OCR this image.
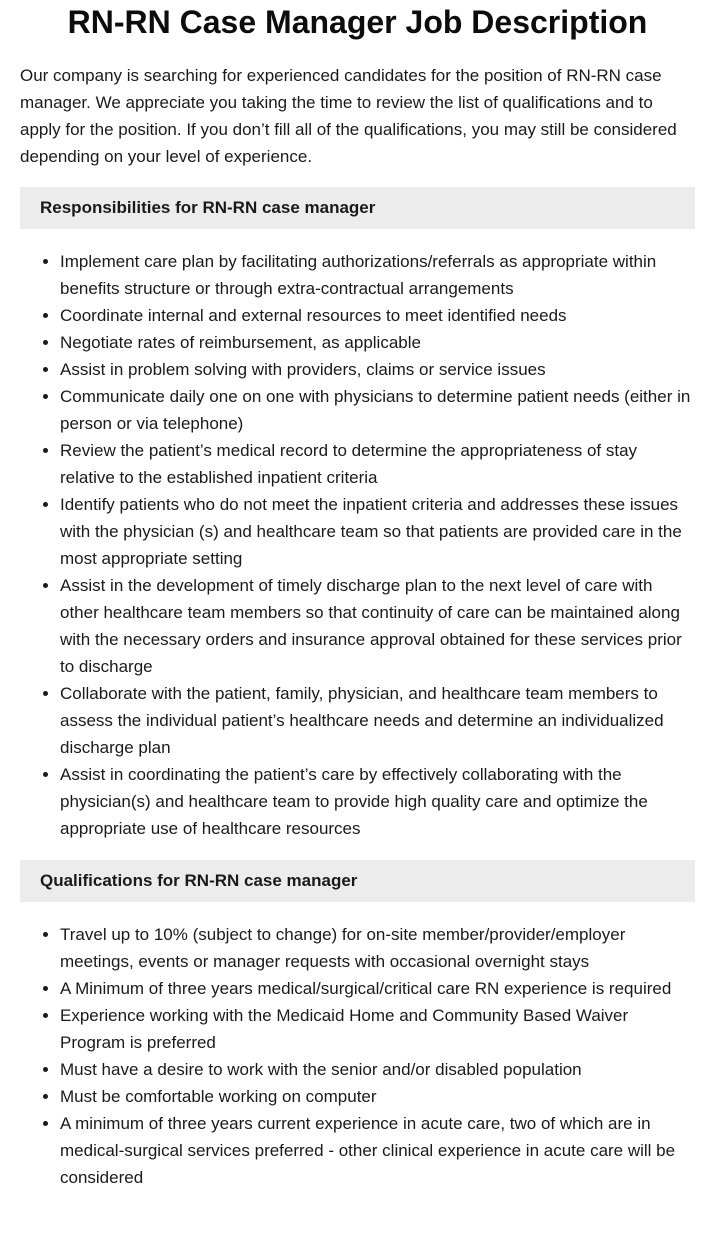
RN-RN Case Manager Job Description

Our company is searching for experienced candidates for the position of RN-RN case manager. We appreciate you taking the time to review the list of qualifications and to apply for the position. If you don’t fill all of the qualifications, you may still be considered depending on your level of experience.

Responsibilities for RN-RN case manager
• Implement care plan by facilitating authorizations/referrals as appropriate within benefits structure or through extra-contractual arrangements
• Coordinate internal and external resources to meet identified needs
• Negotiate rates of reimbursement, as applicable
• Assist in problem solving with providers, claims or service issues
• Communicate daily one on one with physicians to determine patient needs (either in person or via telephone)
• Review the patient’s medical record to determine the appropriateness of stay relative to the established inpatient criteria
• Identify patients who do not meet the inpatient criteria and addresses these issues with the physician (s) and healthcare team so that patients are provided care in the most appropriate setting
• Assist in the development of timely discharge plan to the next level of care with other healthcare team members so that continuity of care can be maintained along with the necessary orders and insurance approval obtained for these services prior to discharge
• Collaborate with the patient, family, physician, and healthcare team members to assess the individual patient’s healthcare needs and determine an individualized discharge plan
• Assist in coordinating the patient’s care by effectively collaborating with the physician(s) and healthcare team to provide high quality care and optimize the appropriate use of healthcare resources
Qualifications for RN-RN case manager
• Travel up to 10% (subject to change) for on-site member/provider/employer meetings, events or manager requests with occasional overnight stays
• A Minimum of three years medical/surgical/critical care RN experience is required
• Experience working with the Medicaid Home and Community Based Waiver Program is preferred
• Must have a desire to work with the senior and/or disabled population
• Must be comfortable working on computer
• A minimum of three years current experience in acute care, two of which are in medical-surgical services preferred - other clinical experience in acute care will be considered
